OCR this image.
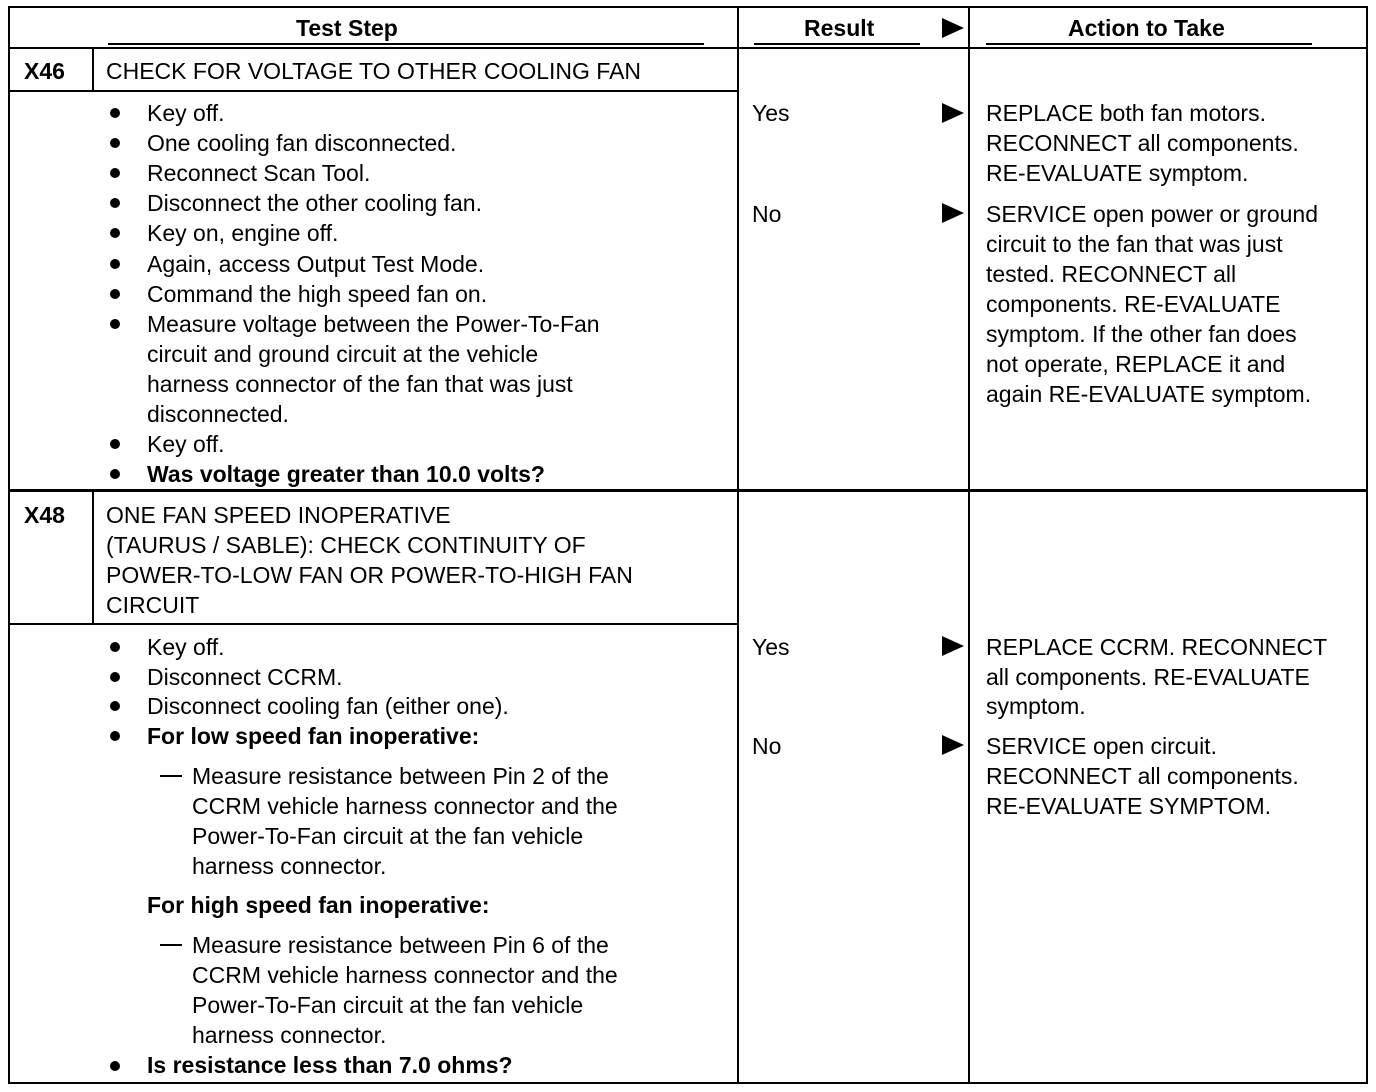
Test Step	Result	Action to Take
X46 CHECK FOR VOLTAGE TO OTHER COOLING FAN
Key off.
One cooling fan disconnected.
Reconnect Scan Tool.
Disconnect the other cooling fan.
Key on, engine off.
Again, access Output Test Mode.
Command the high speed fan on.
Measure voltage between the Power-To-Fan
circuit and ground circuit at the vehicle
harness connector of the fan that was just
disconnected.
Key off.
Was voltage greater than 10.0 volts?
Yes	REPLACE both fan motors.
RECONNECT all components.
RE-EVALUATE symptom.
No	SERVICE open power or ground
circuit to the fan that was just
tested. RECONNECT all
components. RE-EVALUATE
symptom. If the other fan does
not operate, REPLACE it and
again RE-EVALUATE symptom.
X48 ONE FAN SPEED INOPERATIVE
(TAURUS / SABLE): CHECK CONTINUITY OF
POWER-TO-LOW FAN OR POWER-TO-HIGH FAN
CIRCUIT
Key off.
Disconnect CCRM.
Disconnect cooling fan (either one).
For low speed fan inoperative:
Measure resistance between Pin 2 of the
CCRM vehicle harness connector and the
Power-To-Fan circuit at the fan vehicle
harness connector.
For high speed fan inoperative:
Measure resistance between Pin 6 of the
CCRM vehicle harness connector and the
Power-To-Fan circuit at the fan vehicle
harness connector.
Is resistance less than 7.0 ohms?
Yes	REPLACE CCRM. RECONNECT
all components. RE-EVALUATE
symptom.
No	SERVICE open circuit.
RECONNECT all components.
RE-EVALUATE SYMPTOM.
